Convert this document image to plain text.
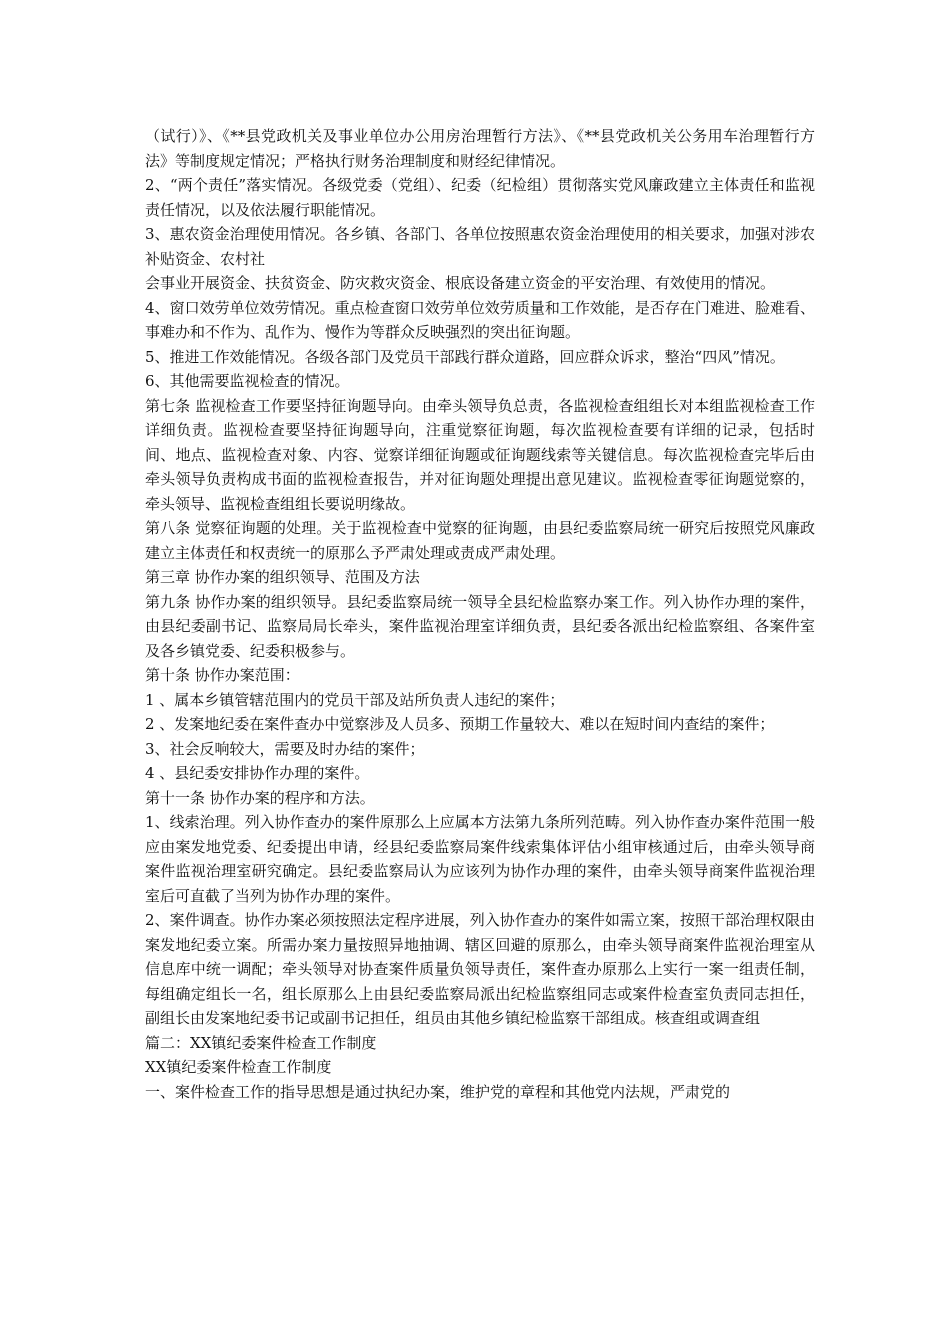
（试行）》、《**县党政机关及事业单位办公用房治理暂行方法》、《**县党政机关公务用车治理暂行方法》等制度规定情况；严格执行财务治理制度和财经纪律情况。

2、“两个责任”落实情况。各级党委（党组）、纪委（纪检组）贯彻落实党风廉政建立主体责任和监视责任情况，以及依法履行职能情况。

3、惠农资金治理使用情况。各乡镇、各部门、各单位按照惠农资金治理使用的相关要求，加强对涉农补贴资金、农村社

会事业开展资金、扶贫资金、防灾救灾资金、根底设备建立资金的平安治理、有效使用的情况。

4、窗口效劳单位效劳情况。重点检查窗口效劳单位效劳质量和工作效能，是否存在门难进、脸难看、事难办和不作为、乱作为、慢作为等群众反映强烈的突出征询题。

5、推进工作效能情况。各级各部门及党员干部践行群众道路，回应群众诉求，整治“四风”情况。

6、其他需要监视检查的情况。

第七条 监视检查工作要坚持征询题导向。由牵头领导负总责，各监视检查组组长对本组监视检查工作详细负责。监视检查要坚持征询题导向，注重觉察征询题，每次监视检查要有详细的记录，包括时间、地点、监视检查对象、内容、觉察详细征询题或征询题线索等关键信息。每次监视检查完毕后由牵头领导负责构成书面的监视检查报告，并对征询题处理提出意见建议。监视检查零征询题觉察的，牵头领导、监视检查组组长要说明缘故。

第八条 觉察征询题的处理。关于监视检查中觉察的征询题，由县纪委监察局统一研究后按照党风廉政建立主体责任和权责统一的原那么予严肃处理或责成严肃处理。

第三章 协作办案的组织领导、范围及方法

第九条 协作办案的组织领导。县纪委监察局统一领导全县纪检监察办案工作。列入协作办理的案件，由县纪委副书记、监察局局长牵头，案件监视治理室详细负责，县纪委各派出纪检监察组、各案件室及各乡镇党委、纪委积极参与。

第十条 协作办案范围：

1 、属本乡镇管辖范围内的党员干部及站所负责人违纪的案件；

2 、发案地纪委在案件查办中觉察涉及人员多、预期工作量较大、难以在短时间内查结的案件；

3、社会反响较大，需要及时办结的案件；

4 、县纪委安排协作办理的案件。

第十一条 协作办案的程序和方法。

1、线索治理。列入协作查办的案件原那么上应属本方法第九条所列范畴。列入协作查办案件范围一般应由案发地党委、纪委提出申请，经县纪委监察局案件线索集体评估小组审核通过后，由牵头领导商案件监视治理室研究确定。县纪委监察局认为应该列为协作办理的案件，由牵头领导商案件监视治理室后可直截了当列为协作办理的案件。

2、案件调查。协作办案必须按照法定程序进展，列入协作查办的案件如需立案，按照干部治理权限由案发地纪委立案。所需办案力量按照异地抽调、辖区回避的原那么，由牵头领导商案件监视治理室从信息库中统一调配；牵头领导对协查案件质量负领导责任，案件查办原那么上实行一案一组责任制，每组确定组长一名，组长原那么上由县纪委监察局派出纪检监察组同志或案件检查室负责同志担任，副组长由发案地纪委书记或副书记担任，组员由其他乡镇纪检监察干部组成。核查组或调查组

篇二：XX镇纪委案件检查工作制度

XX镇纪委案件检查工作制度

一、案件检查工作的指导思想是通过执纪办案，维护党的章程和其他党内法规，严肃党的
